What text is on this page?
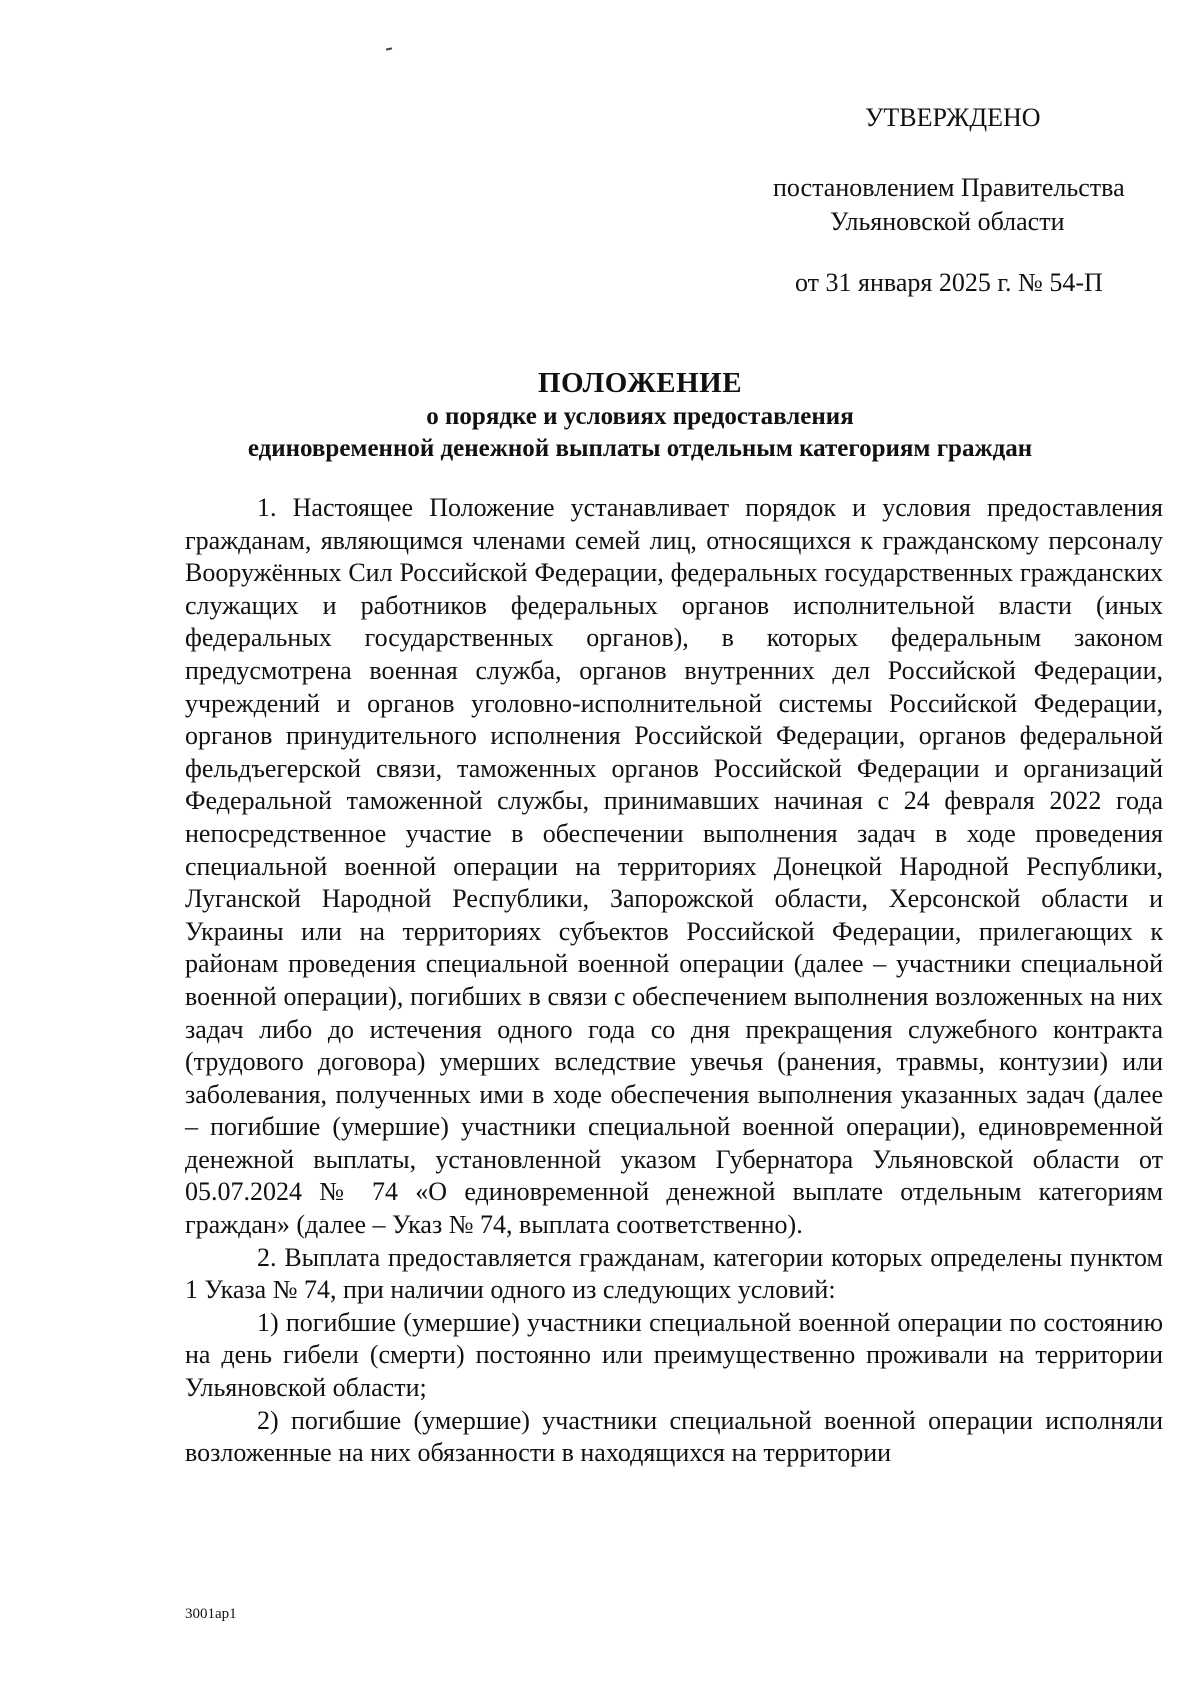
УТВЕРЖДЕНО
постановлением Правительства
Ульяновской области
от 31 января 2025 г. № 54-П
ПОЛОЖЕНИЕ
о порядке и условиях предоставления
единовременной денежной выплаты отдельным категориям граждан

1. Настоящее Положение устанавливает порядок и условия предоставления гражданам, являющимся членами семей лиц, относящихся к гражданскому персоналу Вооружённых Сил Российской Федерации, федеральных государственных гражданских служащих и работников федеральных органов исполнительной власти (иных федеральных государственных органов), в которых федеральным законом предусмотрена военная служба, органов внутренних дел Российской Федерации, учреждений и органов уголовно-исполнительной системы Российской Федерации, органов принудительного исполнения Российской Федерации, органов федеральной фельдъегерской связи, таможенных органов Российской Федерации и организаций Федеральной таможенной службы, принимавших начиная с 24 февраля 2022 года непосредственное участие в обеспечении выполнения задач в ходе проведения специальной военной операции на территориях Донецкой Народной Республики, Луганской Народной Республики, Запорожской области, Херсонской области и Украины или на территориях субъектов Российской Федерации, прилегающих к районам проведения специальной военной операции (далее – участники специальной военной операции), погибших в связи с обеспечением выполнения возложенных на них задач либо до истечения одного года со дня прекращения служебного контракта (трудового договора) умерших вследствие увечья (ранения, травмы, контузии) или заболевания, полученных ими в ходе обеспечения выполнения указанных задач (далее – погибшие (умершие) участники специальной военной операции), единовременной денежной выплаты, установленной указом Губернатора Ульяновской области от 05.07.2024 № 74 «О единовременной денежной выплате отдельным категориям граждан» (далее – Указ № 74, выплата соответственно).

2. Выплата предоставляется гражданам, категории которых определены пунктом 1 Указа № 74, при наличии одного из следующих условий:

1) погибшие (умершие) участники специальной военной операции по состоянию на день гибели (смерти) постоянно или преимущественно проживали на территории Ульяновской области;

2) погибшие (умершие) участники специальной военной операции исполняли возложенные на них обязанности в находящихся на территории

3001ap1
